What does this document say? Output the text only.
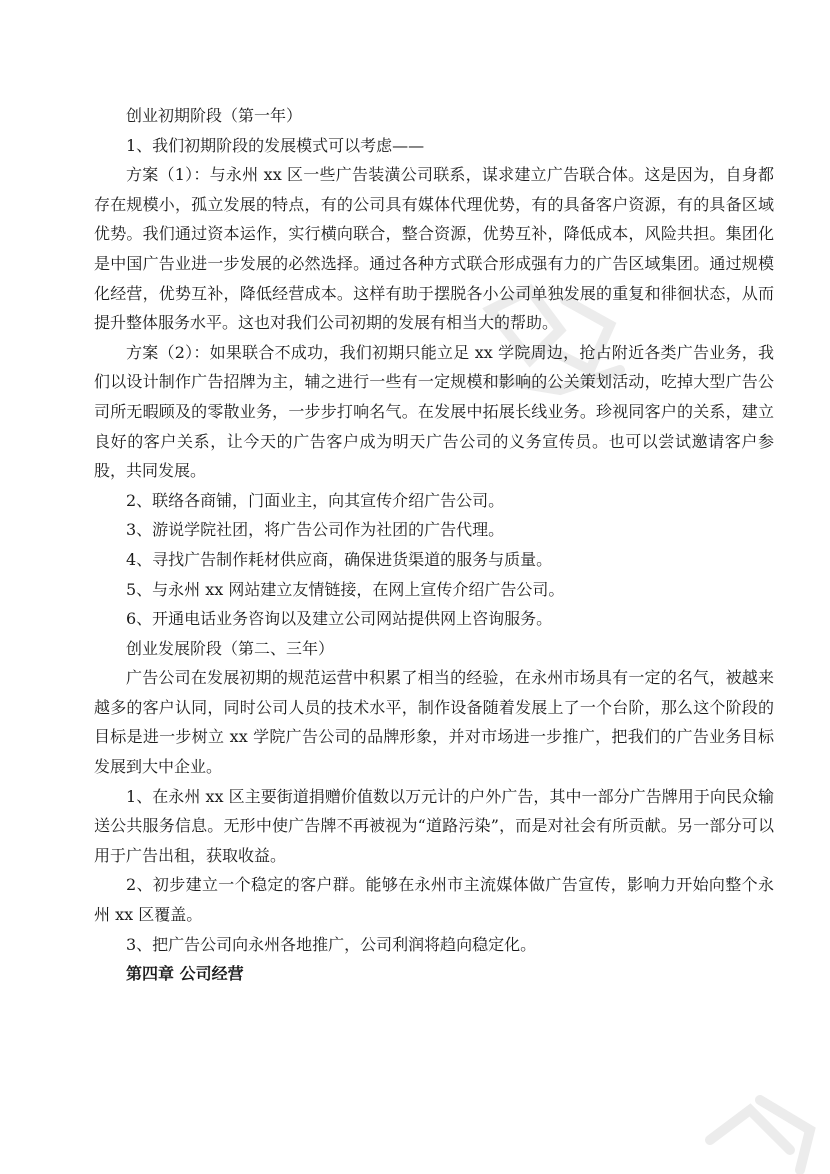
创业初期阶段（第一年）

1、我们初期阶段的发展模式可以考虑——

方案（1）：与永州 xx 区一些广告装潢公司联系，谋求建立广告联合体。这是因为，自身都存在规模小，孤立发展的特点，有的公司具有媒体代理优势，有的具备客户资源，有的具备区域优势。我们通过资本运作，实行横向联合，整合资源，优势互补，降低成本，风险共担。集团化是中国广告业进一步发展的必然选择。通过各种方式联合形成强有力的广告区域集团。通过规模化经营，优势互补，降低经营成本。这样有助于摆脱各小公司单独发展的重复和徘徊状态，从而提升整体服务水平。这也对我们公司初期的发展有相当大的帮助。

方案（2）：如果联合不成功，我们初期只能立足 xx 学院周边，抢占附近各类广告业务，我们以设计制作广告招牌为主，辅之进行一些有一定规模和影响的公关策划活动，吃掉大型广告公司所无暇顾及的零散业务，一步步打响名气。在发展中拓展长线业务。珍视同客户的关系，建立良好的客户关系，让今天的广告客户成为明天广告公司的义务宣传员。也可以尝试邀请客户参股，共同发展。

2、联络各商铺，门面业主，向其宣传介绍广告公司。

3、游说学院社团，将广告公司作为社团的广告代理。

4、寻找广告制作耗材供应商，确保进货渠道的服务与质量。

5、与永州 xx 网站建立友情链接，在网上宣传介绍广告公司。

6、开通电话业务咨询以及建立公司网站提供网上咨询服务。

创业发展阶段（第二、三年）

广告公司在发展初期的规范运营中积累了相当的经验，在永州市场具有一定的名气，被越来越多的客户认同，同时公司人员的技术水平，制作设备随着发展上了一个台阶，那么这个阶段的目标是进一步树立 xx 学院广告公司的品牌形象，并对市场进一步推广，把我们的广告业务目标发展到大中企业。

1、在永州 xx 区主要街道捐赠价值数以万元计的户外广告，其中一部分广告牌用于向民众输送公共服务信息。无形中使广告牌不再被视为“道路污染”，而是对社会有所贡献。另一部分可以用于广告出租，获取收益。

2、初步建立一个稳定的客户群。能够在永州市主流媒体做广告宣传，影响力开始向整个永州 xx 区覆盖。

3、把广告公司向永州各地推广，公司利润将趋向稳定化。

第四章 公司经营
